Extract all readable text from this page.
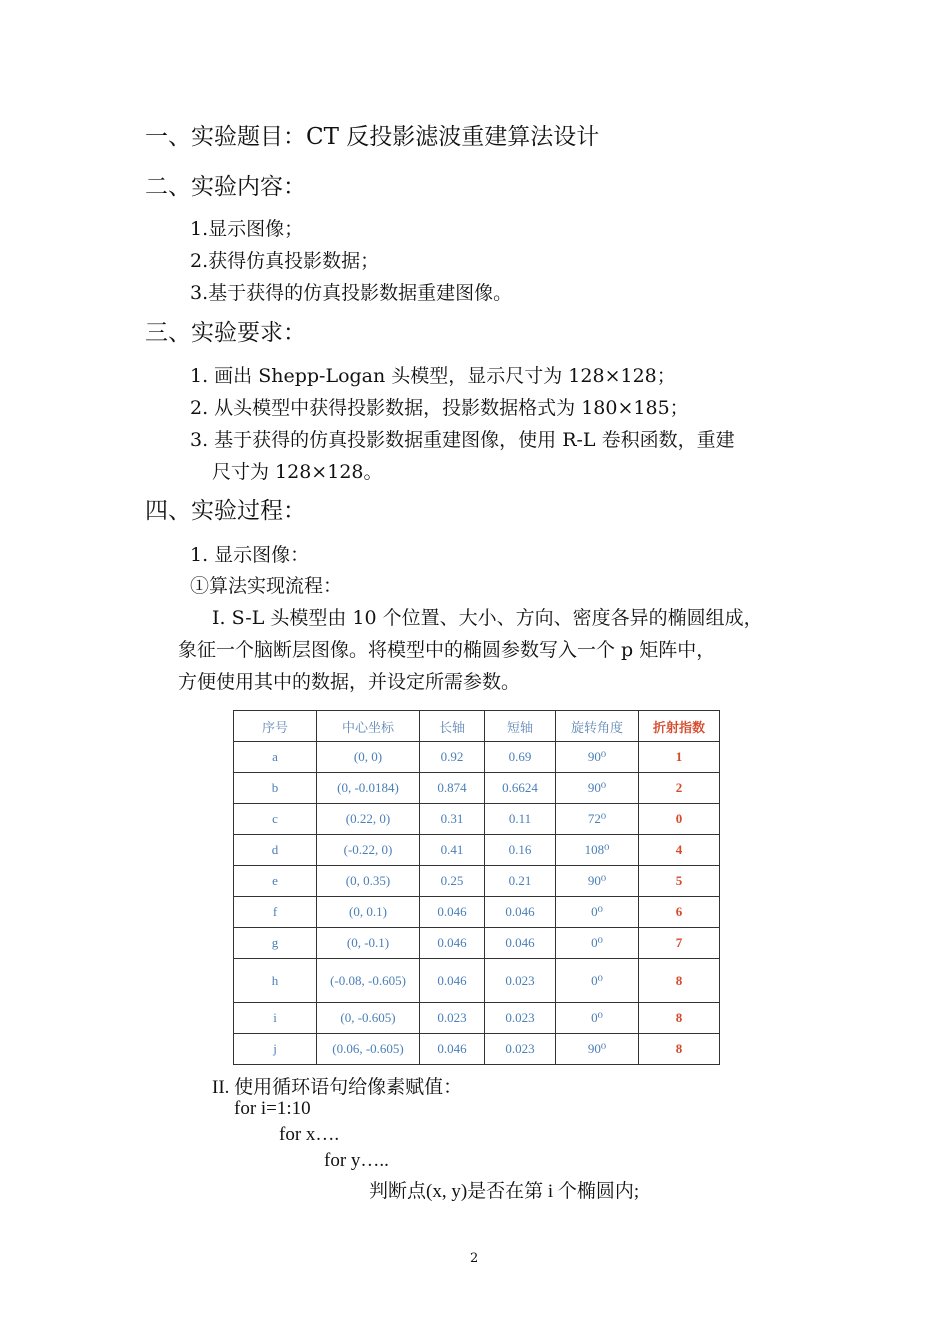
一、实验题目：CT 反投影滤波重建算法设计
二、实验内容：
1.显示图像；
2.获得仿真投影数据；
3.基于获得的仿真投影数据重建图像。
三、实验要求：
1. 画出 Shepp-Logan 头模型，显示尺寸为 128×128；
2. 从头模型中获得投影数据，投影数据格式为 180×185；
3. 基于获得的仿真投影数据重建图像，使用 R-L 卷积函数，重建
尺寸为 128×128。
四、实验过程：
1. 显示图像：
①算法实现流程：
I. S-L 头模型由 10 个位置、大小、方向、密度各异的椭圆组成，
象征一个脑断层图像。将模型中的椭圆参数写入一个 p 矩阵中，
方便使用其中的数据，并设定所需参数。
序号	中心坐标	长轴	短轴	旋转角度	折射指数
a	(0, 0)	0.92	0.69	90⁰	1
b	(0, -0.0184)	0.874	0.6624	90⁰	2
c	(0.22, 0)	0.31	0.11	72⁰	0
d	(-0.22, 0)	0.41	0.16	108⁰	4
e	(0, 0.35)	0.25	0.21	90⁰	5
f	(0, 0.1)	0.046	0.046	0⁰	6
g	(0, -0.1)	0.046	0.046	0⁰	7
h	(-0.08, -0.605)	0.046	0.023	0⁰	8
i	(0, -0.605)	0.023	0.023	0⁰	8
j	(0.06, -0.605)	0.046	0.023	90⁰	8
II. 使用循环语句给像素赋值：
for i=1:10
for x….
for y…..
判断点(x, y)是否在第 i 个椭圆内;
2
